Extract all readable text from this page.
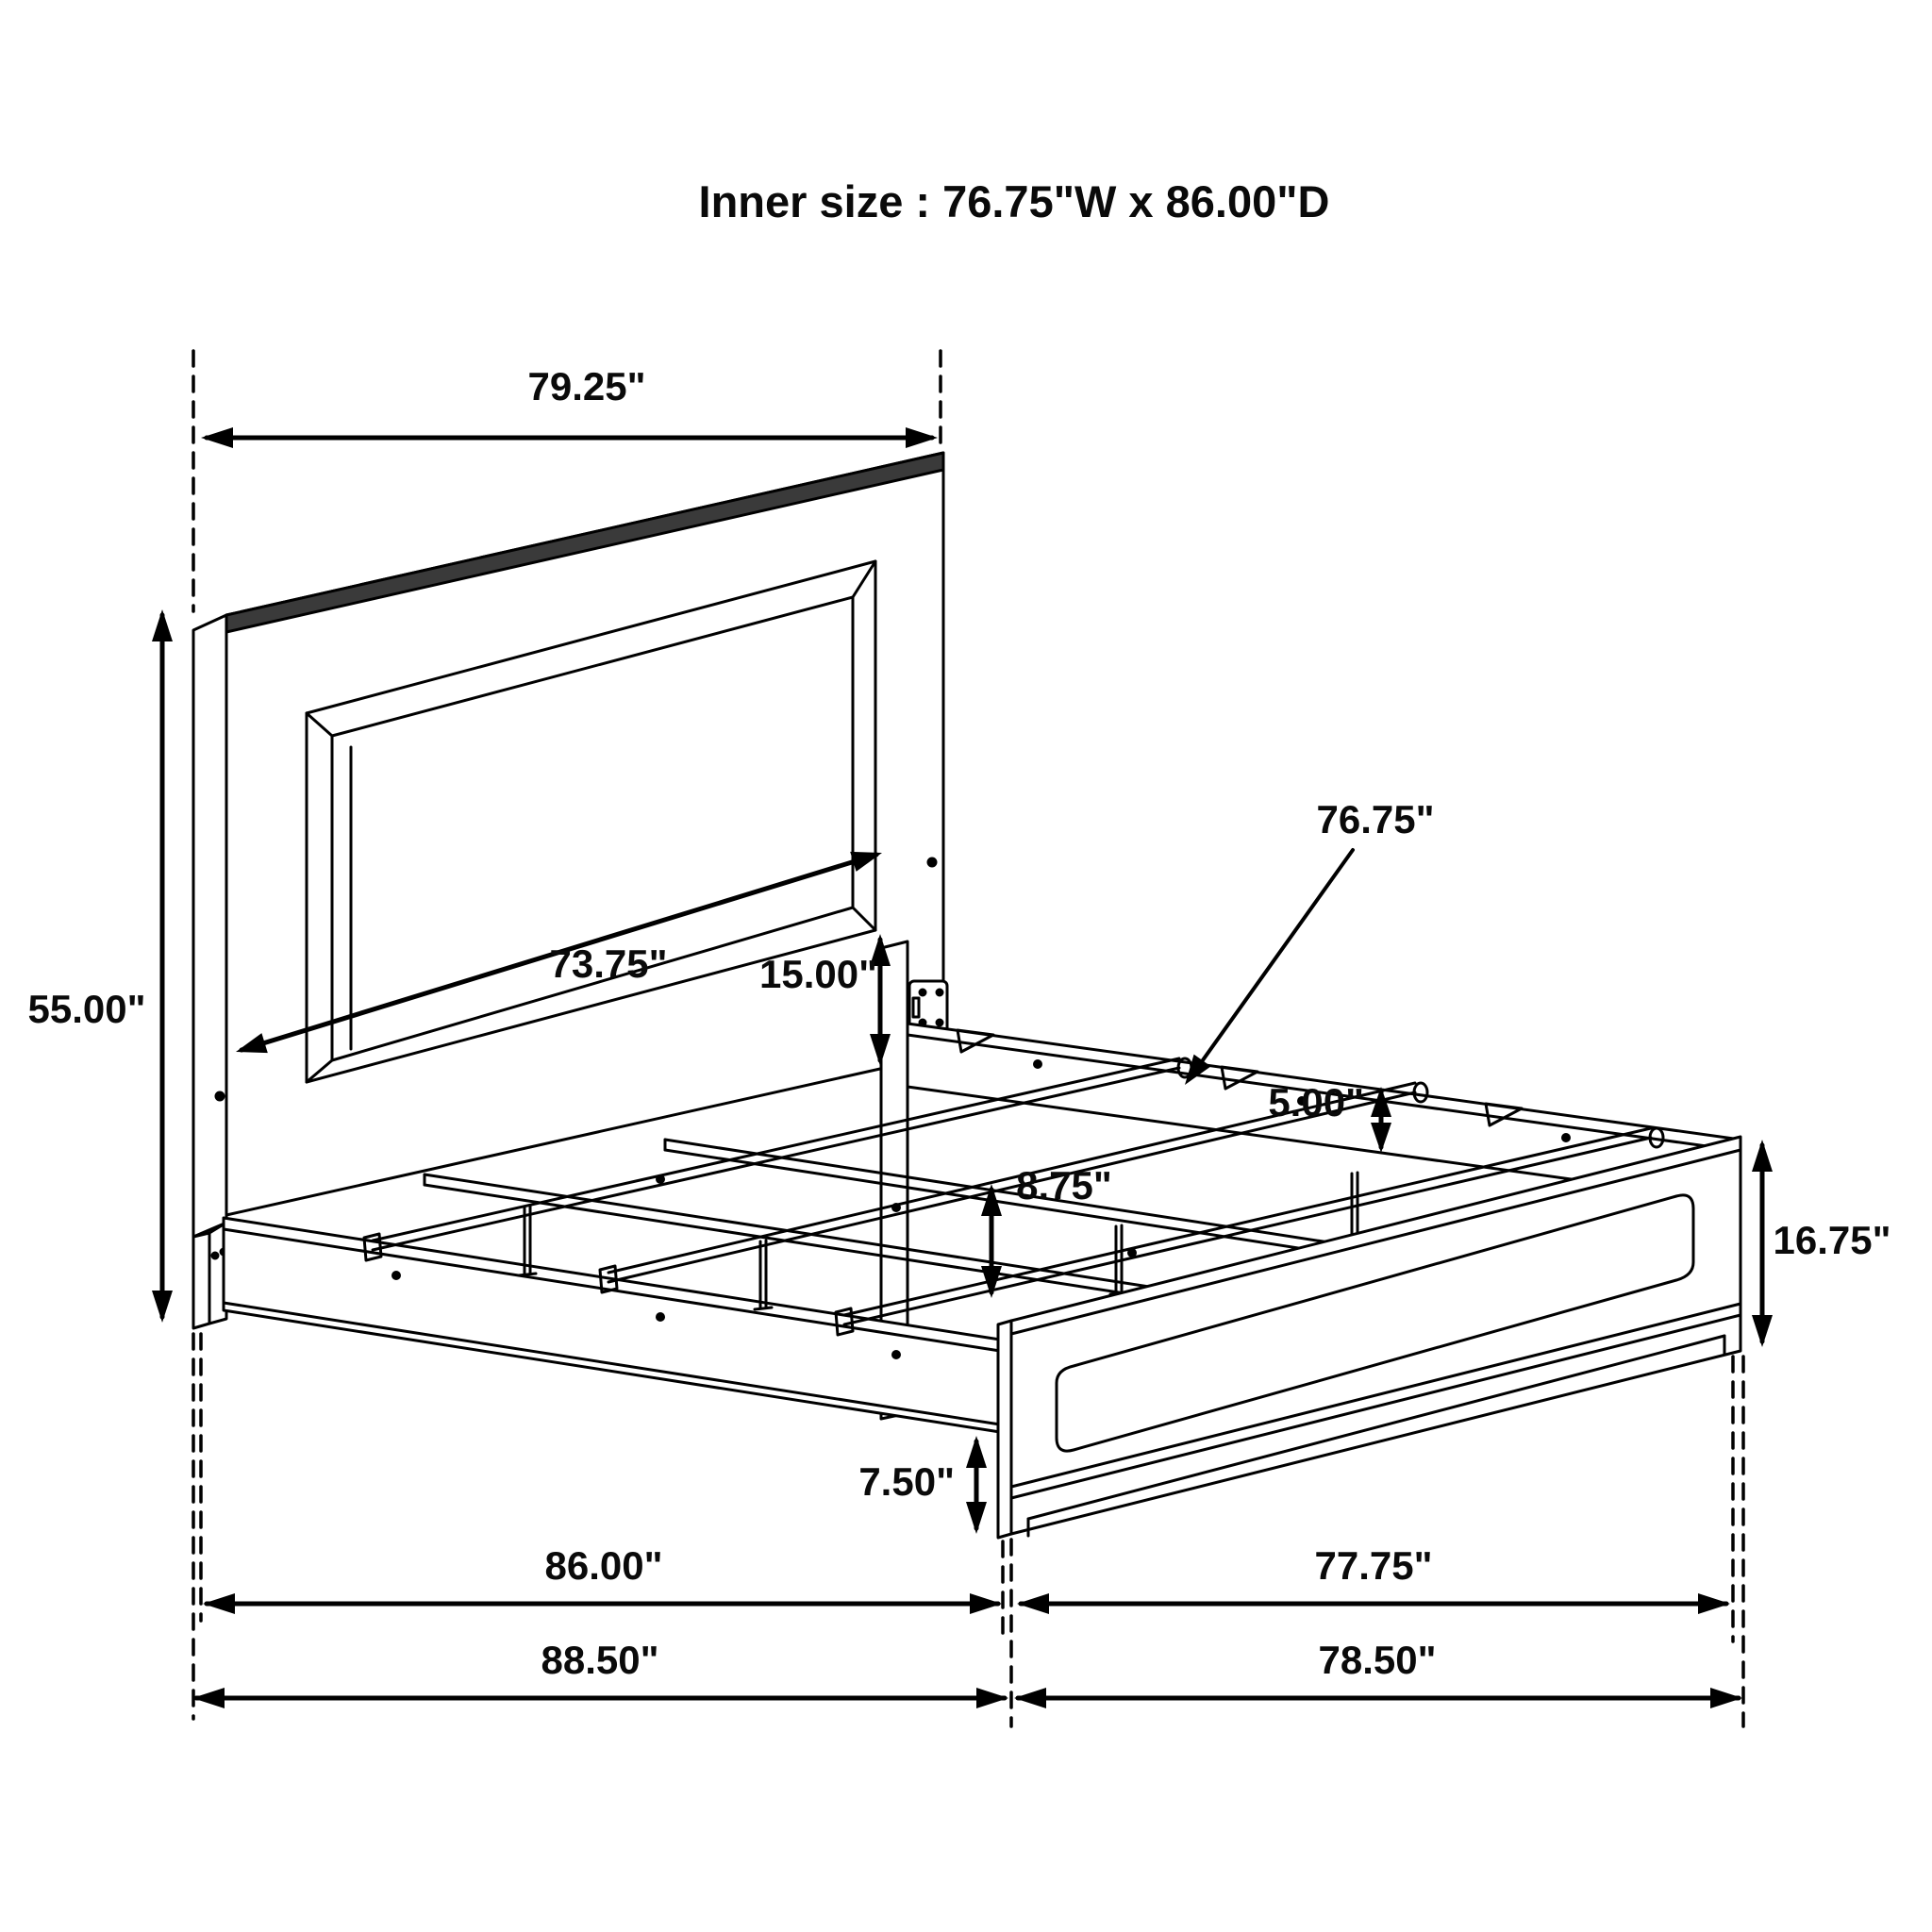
Inner size : 76.75"W x 86.00"D
79.25"
55.00"
73.75"	15.00"
76.75"
5.00"
8.75"
16.75"
7.50"
86.00"	77.75"
88.50"	78.50"
